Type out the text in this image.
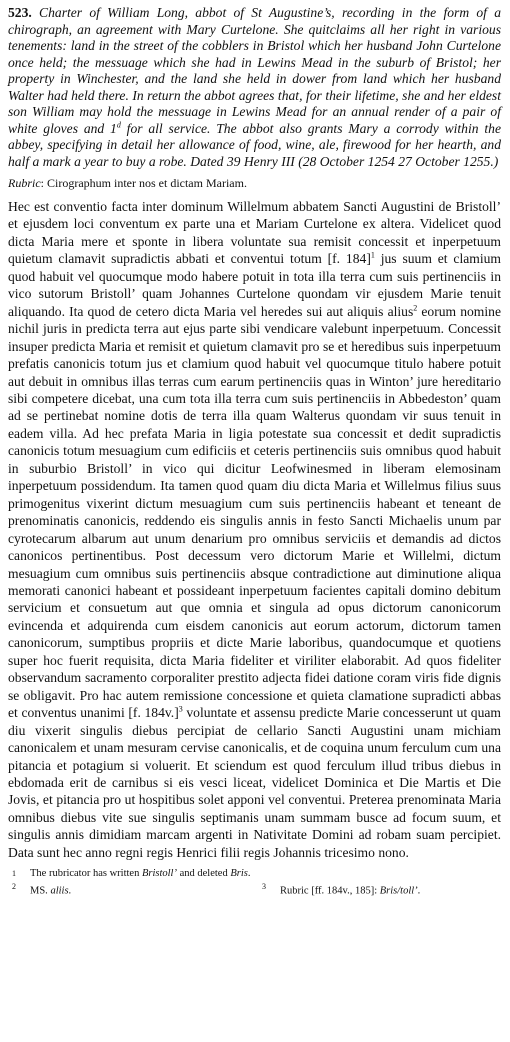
523. Charter of William Long, abbot of St Augustine’s, recording in the form of a chirograph, an agreement with Mary Curtelone. She quitclaims all her right in various tenements: land in the street of the cobblers in Bristol which her husband John Curtelone once held; the messuage which she had in Lewins Mead in the suburb of Bristol; her property in Winchester, and the land she held in dower from land which her husband Walter had held there. In return the abbot agrees that, for their lifetime, she and her eldest son William may hold the messuage in Lewins Mead for an annual render of a pair of white gloves and 1$^d$ for all service. The abbot also grants Mary a corrody within the abbey, specifying in detail her allowance of food, wine, ale, firewood for her hearth, and half a mark a year to buy a robe. Dated 39 Henry III (28 October 1254 27 October 1255.)

Rubric: Cirographum inter nos et dictam Mariam.

Hec est conventio facta inter dominum Willelmum abbatem Sancti Augustini de Bristoll’ et ejusdem loci conventum ex parte una et Mariam Curtelone ex altera. Videlicet quod dicta Maria mere et sponte in libera voluntate sua remisit concessit et inperpetuum quietum clamavit supradictis abbati et conventui totum [f. 184]$^1$ jus suum et clamium quod habuit vel quocumque modo habere potuit in tota illa terra cum suis pertinenciis in vico sutorum Bristoll’ quam Johannes Curtelone quondam vir ejusdem Marie tenuit aliquando. Ita quod de cetero dicta Maria vel heredes sui aut aliquis alius$^2$ eorum nomine nichil juris in predicta terra aut ejus parte sibi vendicare valebunt inperpetuum. Concessit insuper predicta Maria et remisit et quietum clamavit pro se et heredibus suis inperpetuum prefatis canonicis totum jus et clamium quod habuit vel quocumque titulo habere potuit aut debuit in omnibus illas terras cum earum pertinenciis quas in Winton’ jure hereditario sibi competere dicebat, una cum tota illa terra cum suis pertinenciis in Abbedeston’ quam ad se pertinebat nomine dotis de terra illa quam Walterus quondam vir suus tenuit in eadem villa. Ad hec prefata Maria in ligia potestate sua concessit et dedit supradictis canonicis totum mesuagium cum edificiis et ceteris pertinenciis suis omnibus quod habuit in suburbio Bristoll’ in vico qui dicitur Leofwinesmed in liberam elemosinam inperpetuum possidendum. Ita tamen quod quam diu dicta Maria et Willelmus filius suus primogenitus vixerint dictum mesuagium cum suis pertinenciis habeant et teneant de prenominatis canonicis, reddendo eis singulis annis in festo Sancti Michaelis unum par cyrotecarum albarum aut unum denarium pro omnibus serviciis et demandis ad dictos canonicos pertinentibus. Post decessum vero dictorum Marie et Willelmi, dictum mesuagium cum omnibus suis pertinenciis absque contradictione aut diminutione aliqua memorati canonici habeant et possideant inperpetuum facientes capitali domino debitum servicium et consuetum aut que omnia et singula ad opus dictorum canonicorum evincenda et adquirenda cum eisdem canonicis aut eorum actorum, dictorum tamen canonicorum, sumptibus propriis et dicte Marie laboribus, quandocumque et quotiens super hoc fuerit requisita, dicta Maria fideliter et viriliter elaborabit. Ad quos fideliter observandum sacramento corporaliter prestito adjecta fidei datione coram viris fide dignis se obligavit. Pro hac autem remissione concessione et quieta clamatione supradicti abbas et conventus unanimi [f. 184v.]$^3$ voluntate et assensu predicte Marie concesserunt ut quam diu vixerit singulis diebus percipiat de cellario Sancti Augustini unam michiam canonicalem et unam mesuram cervise canonicalis, et de coquina unum ferculum cum una pitancia et potagium si voluerit. Et sciendum est quod ferculum illud tribus diebus in ebdomada erit de carnibus si eis vesci liceat, videlicet Dominica et Die Martis et Die Jovis, et pitancia pro ut hospitibus solet apponi vel conventui. Preterea prenominata Maria omnibus diebus vite sue singulis septimanis unam summam busce ad focum suum, et singulis annis dimidiam marcam argenti in Nativitate Domini ad robam suam percipiet. Data sunt hec anno regni regis Henrici filii regis Johannis tricesimo nono.

1	The rubricator has written Bristoll’ and deleted Bris.
2 MS. aliis.	3 Rubric [ff. 184v., 185]: Bris/toll’.
